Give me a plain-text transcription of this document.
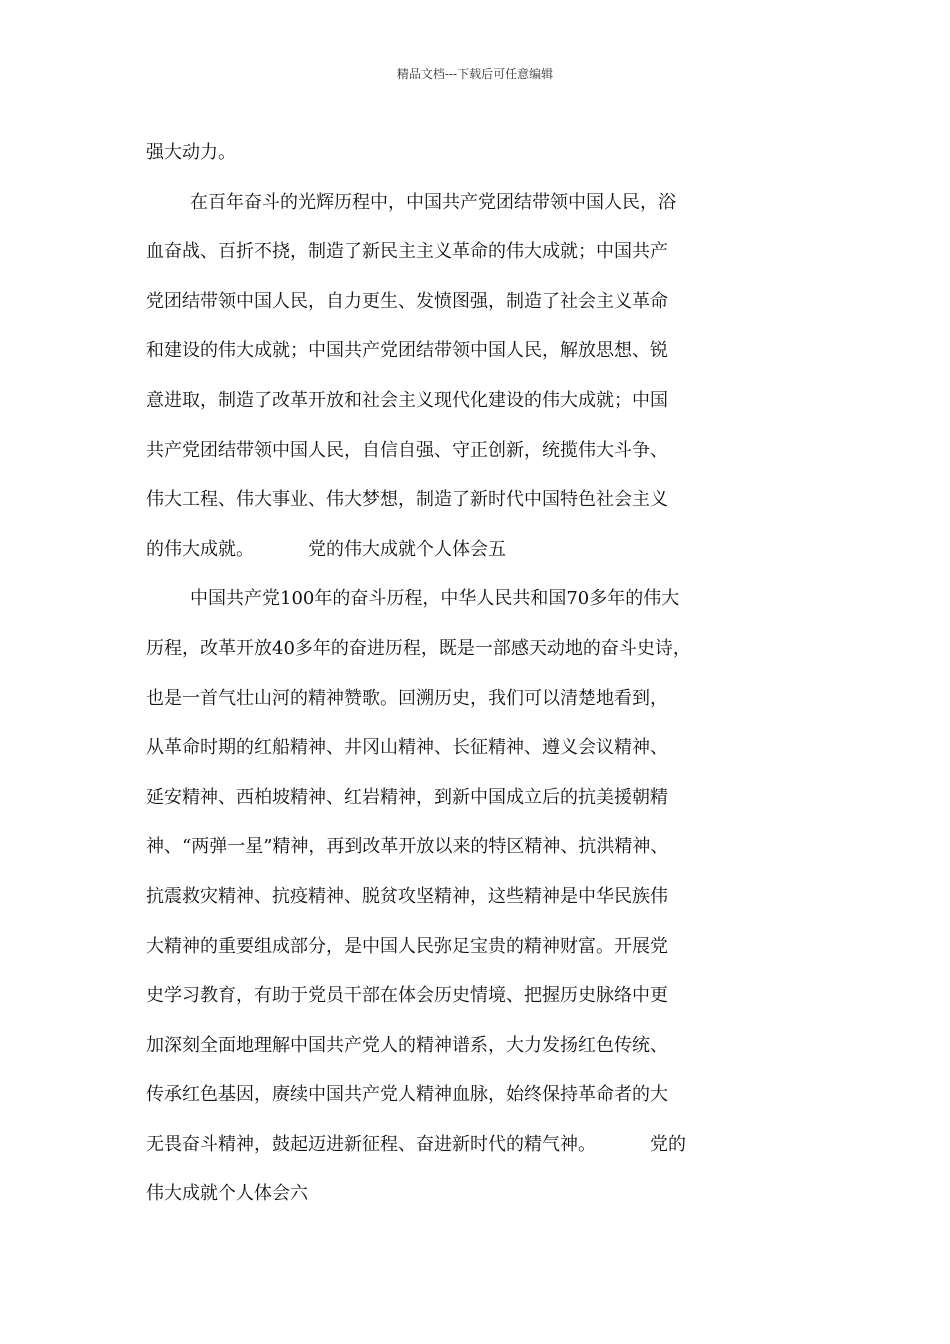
精品文档---下载后可任意编辑
强大动力。
在百年奋斗的光辉历程中，中国共产党团结带领中国人民，浴
血奋战、百折不挠，制造了新民主主义革命的伟大成就；中国共产
党团结带领中国人民，自力更生、发愤图强，制造了社会主义革命
和建设的伟大成就；中国共产党团结带领中国人民，解放思想、锐
意进取，制造了改革开放和社会主义现代化建设的伟大成就；中国
共产党团结带领中国人民，自信自强、守正创新，统揽伟大斗争、
伟大工程、伟大事业、伟大梦想，制造了新时代中国特色社会主义
的伟大成就。	党的伟大成就个人体会五
中国共产党100年的奋斗历程，中华人民共和国70多年的伟大
历程，改革开放40多年的奋进历程，既是一部感天动地的奋斗史诗，
也是一首气壮山河的精神赞歌。回溯历史，我们可以清楚地看到，
从革命时期的红船精神、井冈山精神、长征精神、遵义会议精神、
延安精神、西柏坡精神、红岩精神，到新中国成立后的抗美援朝精
神、“两弹一星”精神，再到改革开放以来的特区精神、抗洪精神、
抗震救灾精神、抗疫精神、脱贫攻坚精神，这些精神是中华民族伟
大精神的重要组成部分，是中国人民弥足宝贵的精神财富。开展党
史学习教育，有助于党员干部在体会历史情境、把握历史脉络中更
加深刻全面地理解中国共产党人的精神谱系，大力发扬红色传统、
传承红色基因，赓续中国共产党人精神血脉，始终保持革命者的大
无畏奋斗精神，鼓起迈进新征程、奋进新时代的精气神。	党的
伟大成就个人体会六
